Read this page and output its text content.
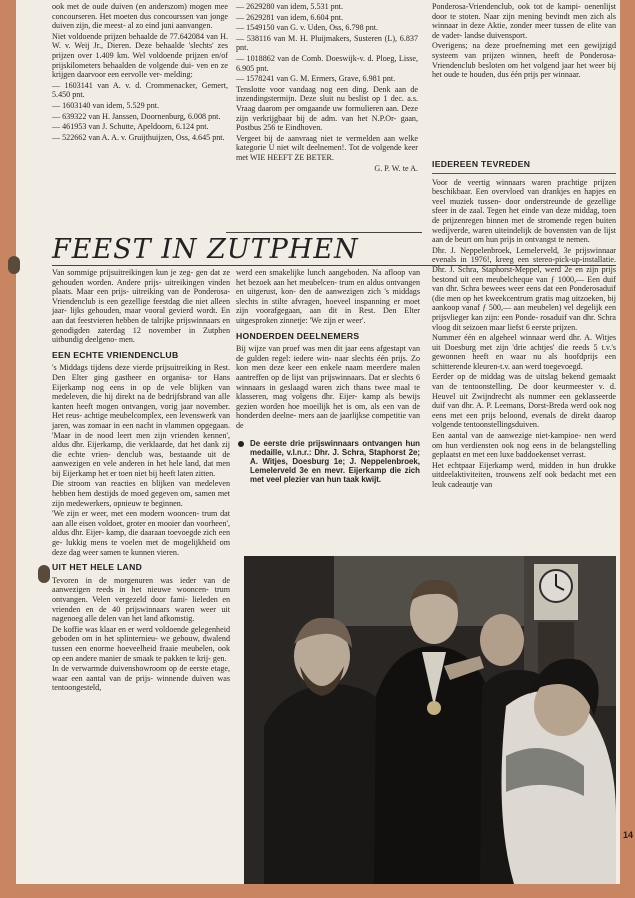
ook met de oude duiven (en anderszom) mogen mee concourseren. Het moeten dus concourssen van jonge duiven zijn, die meest- al zo eind juni aanvangen.

Niet voldoende prijzen behaalde de 77.642084 van H. W. v. Weij Jr., Dieren. Deze behaalde 'slechts' zes prijzen over 1.409 km. Wel voldoende prijzen en/of prijskilometers behaalden de volgende dui- ven en ze krijgen daarvoor een eervolle ver- melding:

— 1603141 van A. v. d. Crommenacker, Gemert, 5.450 pnt.

— 1603140 van idem, 5.529 pnt.

— 639322 van H. Janssen, Doornenburg, 6.008 pnt.

— 461953 van J. Schutte, Apeldoorn, 6.124 pnt.

— 522662 van A. A. v. Gruijthuijzen, Oss, 4.645 pnt.

— 2629280 van idem, 5.531 pnt.

— 2629281 van idem, 6.604 pnt.

— 1549150 van G. v. Uden, Oss, 6.798 pnt.

— 538116 van M. H. Pluijmakers, Susteren (L), 6.837 pnt.

— 1018862 van de Comb. Doeswijk-v. d. Ploeg, Lisse, 6.905 pnt.

— 1578241 van G. M. Ermers, Grave, 6.981 pnt.

Tenslotte voor vandaag nog een ding. Denk aan de inzendingstermijn. Deze sluit nu beslist op 1 dec. a.s. Vraag daarom per omgaande uw formulieren aan. Deze zijn verkrijgbaar bij de adm. van het N.P.Or- gaan, Postbus 256 te Eindhoven.

Vergeet bij de aanvraag niet te vermelden aan welke kategorie U niet wilt deelnemen!. Tot de volgende keer met WIE HEEFT ZE BETER.

G. P. W. te A.

Ponderosa-Vriendenclub, ook tot de kampi- oenenlijst door te stoten. Naar zijn mening bevindt men zich als winnaar in deze Aktie, zonder meer tussen de elite van de vader- landse duivensport.

Overigens; na deze proefneming met een gewijzigd systeem van prijzen winnen, heeft de Ponderosa-Vriendenclub besloten om het volgend jaar het weer bij het oude te houden, dus één prijs per winnaar.

FEEST IN ZUTPHEN

Van sommige prijsuitreikingen kun je zeg- gen dat ze gehouden worden. Andere prijs- uitreikingen vinden plaats. Maar een prijs- uitreiking van de Ponderosa-Vriendenclub is een gezellige feestdag die niet alleen jaar- lijks gehouden, maar vooral gevierd wordt. En aan dat feestvieren hebben de talrijke prijswinnaars en genodigden zaterdag 12 november in Zutphen uitbundig deelgeno- men.

EEN ECHTE VRIENDENCLUB

's Middags tijdens deze vierde prijsuitreiking in Rest. Den Elter ging gastheer en organisa- tor Hans Eijerkamp nog eens in op de vele blijken van medeleven, die hij direkt na de bedrijfsbrand van alle kanten heeft mogen ontvangen, vorig jaar november. Het reus- achtige meubelcomplex, een levenswerk van jaren, was zomaar in een nacht in vlammen opgegaan. 'Maar in de nood leert men zijn vrienden kennen', aldus dhr. Eijerkamp, die verklaarde, dat het dank zij die echte vrien- denclub was, bestaande uit de aanwezigen en vele anderen in het hele land, dat men bij Eijerkamp het er toen niet bij heeft laten zitten.

Die stroom van reacties en blijken van medeleven hebben hem destijds de moed gegeven om, samen met zijn medewerkers, opnieuw te beginnen.

'We zijn er weer, met een modern wooncen- trum dat aan alle eisen voldoet, groter en mooier dan voorheen', aldus dhr. Eijer- kamp, die daaraan toevoegde zich een ge- lukkig mens te voelen met de mogelijkheid om deze dag weer samen te kunnen vieren.

UIT HET HELE LAND

Tevoren in de morgenuren was ieder van de aanwezigen reeds in het nieuwe wooncen- trum ontvangen. Velen vergezeld door fami- lieleden en vrienden en de 40 prijswinnaars waren weer uit nagenoeg alle delen van het land afkomstig.

De koffie was klaar en er werd voldoende gelegenheid geboden om in het splinternieu- we gebouw, dwalend tussen een enorme hoeveelheid fraaie meubelen, ook op een andere manier de smaak te pakken te krij- gen.

In de verwarmde duivenshowroom op de eerste etage, waar een aantal van de prijs- winnende duiven was tentoongesteld,

werd een smakelijke lunch aangeboden. Na afloop van het bezoek aan het meubelcen- trum en aldus ontvangen en uitgerust, kon- den de aanwezigen zich 's middags slechts in stilte afvragen, hoeveel inspanning er moet zijn voorafgegaan, aan dit in Rest. Den Elter uitgesproken zinnetje: 'We zijn er weer'.

HONDERDEN DEELNEMERS

Bij wijze van proef was men dit jaar eens afgestapt van de gulden regel: iedere win- naar slechts één prijs. Zo kon men deze keer een enkele naam meerdere malen aantreffen op de lijst van prijswinnaars. Dat er slechts 6 winnaars in geslaagd waren zich thans twee maal te klasseren, mag volgens dhr. Eijer- kamp als bewijs gezien worden hoe moeilijk het is om, als een van de honderden deelne- mers aan de jaarlijkse competitie van de

De eerste drie prijswinnaars ontvangen hun medaille, v.l.n.r.: Dhr. J. Schra, Staphorst 2e; A. Witjes, Doesburg 1e; J. Neppelenbroek, Lemelerveld 3e en mevr. Eijerkamp die zich met veel plezier van hun taak kwijt.
IEDEREEN TEVREDEN

Voor de veertig winnaars waren prachtige prijzen beschikbaar. Een overvloed van drankjes en hapjes en veel muziek tussen- door onderstreunde de gezellige sfeer in de zaal. Tegen het einde van deze middag, toen de prijzenregen binnen met de stromende regen buiten wedijverde, waren uiteindelijk de bovensten van de lijst aan de beurt om hun prijs in ontvangst te nemen.

Dhr. J. Neppelenbroek, Lemelerveld, 3e prijswinnaar evenals in 1976!, kreeg een stereo-pick-up-installatie. Dhr. J. Schra, Staphorst-Meppel, werd 2e en zijn prijs bestond uit een meubelcheque van ƒ 1000,— Een duif van dhr. Schra bewees weer eens dat een Ponderosaduif (die men op het kweekcentrum gratis mag uitzoeken, bij aankoop vanaf ƒ 500,— aan meubelen) vel degelijk een prijsvlieger kan zijn: een Ponde- rosaduif van dhr. Schra vloog dit seizoen maar liefst 6 eerste prijzen.

Nummer één en algeheel winnaar werd dhr. A. Witjes uit Doesburg met zijn 'drie achtjes' die reeds 5 t.v.'s gewonnen heeft en waar nu als hoofdprijs een schitterende kleuren-t.v. aan werd toegevoegd.

Eerder op de middag was de uitslag bekend gemaakt van de tentoonstelling. De door keurmeester v. d. Heuvel uit Zwijndrecht als nummer een geklasseerde duif van dhr. A. P. Leemans, Dorst-Breda werd ook nog eens met een prijs beloond, evenals de direkt daarop volgende tentoonstellingsduiven.

Een aantal van de aanwezige niet-kampioe- nen werd om hun verdiensten ook nog eens in de belangstelling geplaatst en met een luxe baddoekenset verrast.

Het echtpaar Eijerkamp werd, midden in hun drukke uitdeelaktiviteiten, trouwens zelf ook bedacht met een leuk cadeautje van

14
